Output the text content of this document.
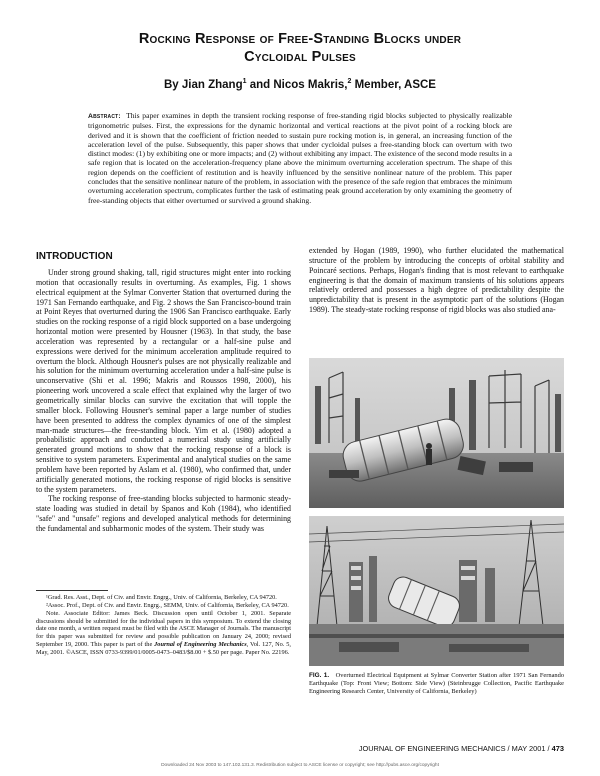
Rocking Response of Free-Standing Blocks under
Cycloidal Pulses
By Jian Zhang$^1$ and Nicos Makris,$^2$ Member, ASCE
Abstract: This paper examines in depth the transient rocking response of free-standing rigid blocks subjected to physically realizable trigonometric pulses. First, the expressions for the dynamic horizontal and vertical reactions at the pivot point of a rocking block are derived and it is shown that the coefficient of friction needed to sustain pure rocking motion is, in general, an increasing function of the acceleration level of the pulse. Subsequently, this paper shows that under cycloidal pulses a free-standing block can overturn with two distinct modes: (1) by exhibiting one or more impacts; and (2) without exhibiting any impact. The existence of the second mode results in a safe region that is located on the acceleration-frequency plane above the minimum overturning acceleration spectrum. The shape of this region depends on the coefficient of restitution and is heavily influenced by the sensitive nonlinear nature of the problem. This paper concludes that the sensitive nonlinear nature of the problem, in association with the presence of the safe region that embraces the minimum overturning acceleration spectrum, complicates further the task of estimating peak ground acceleration by only examining the geometry of free-standing objects that either overturned or survived a ground shaking.
INTRODUCTION

Under strong ground shaking, tall, rigid structures might enter into rocking motion that occasionally results in overturning. As examples, Fig. 1 shows electrical equipment at the Sylmar Converter Station that overturned during the 1971 San Fernando earthquake, and Fig. 2 shows the San Francisco-bound train at Point Reyes that overturned during the 1906 San Francisco earthquake. Early studies on the rocking response of a rigid block supported on a base undergoing horizontal motion were presented by Housner (1963). In that study, the base acceleration was represented by a rectangular or a half-sine pulse and expressions were derived for the minimum acceleration amplitude required to overturn the block. Although Housner's pulses are not physically realizable and his solution for the minimum overturning acceleration under a half-sine pulse is unconservative (Shi et al. 1996; Makris and Roussos 1998, 2000), his pioneering work uncovered a scale effect that explained why the larger of two geometrically similar blocks can survive the excitation that will topple the smaller block. Following Housner's seminal paper a large number of studies have been presented to address the complex dynamics of one of the simplest man-made structures—the free-standing block. Yim et al. (1980) adopted a probabilistic approach and conducted a numerical study using artificially generated ground motions to show that the rocking response of a block is sensitive to system parameters. Experimental and analytical studies on the same problem have been reported by Aslam et al. (1980), who confirmed that, under artificially generated motions, the rocking response of rigid blocks is sensitive to the system parameters.

The rocking response of free-standing blocks subjected to harmonic steady-state loading was studied in detail by Spanos and Koh (1984), who identified "safe" and "unsafe" regions and developed analytical methods for determining the fundamental and subharmonic modes of the system. Their study was

¹Grad. Res. Asst., Dept. of Civ. and Envir. Engrg., Univ. of California, Berkeley, CA 94720.

²Assoc. Prof., Dept. of Civ. and Envir. Engrg., SEMM, Univ. of California, Berkeley, CA 94720.

Note. Associate Editor: James Beck. Discussion open until October 1, 2001. Separate discussions should be submitted for the individual papers in this symposium. To extend the closing date one month, a written request must be filed with the ASCE Manager of Journals. The manuscript for this paper was submitted for review and possible publication on January 24, 2000; revised September 19, 2000. This paper is part of the Journal of Engineering Mechanics, Vol. 127, No. 5, May, 2001. ©ASCE, ISSN 0733-9399/01/0005-0473–0483/$8.00 + $.50 per page. Paper No. 22196.

extended by Hogan (1989, 1990), who further elucidated the mathematical structure of the problem by introducing the concepts of orbital stability and Poincaré sections. Perhaps, Hogan's finding that is most relevant to earthquake engineering is that the domain of maximum transients of his solutions appears relatively ordered and possesses a high degree of predictability despite the unpredictability that is present in the asymptotic part of the solutions (Hogan 1989). The steady-state rocking response of rigid blocks was also studied ana-

FIG. 1. Overturned Electrical Equipment at Sylmar Converter Station after 1971 San Fernando Earthquake (Top: Front View; Bottom: Side View) (Steinbrugge Collection, Pacific Earthquake Engineering Research Center, University of California, Berkeley)
JOURNAL OF ENGINEERING MECHANICS / MAY 2001 / 473
Downloaded 24 Nov 2003 to 147.102.131.3. Redistribution subject to ASCE license or copyright; see http://pubs.asce.org/copyright
